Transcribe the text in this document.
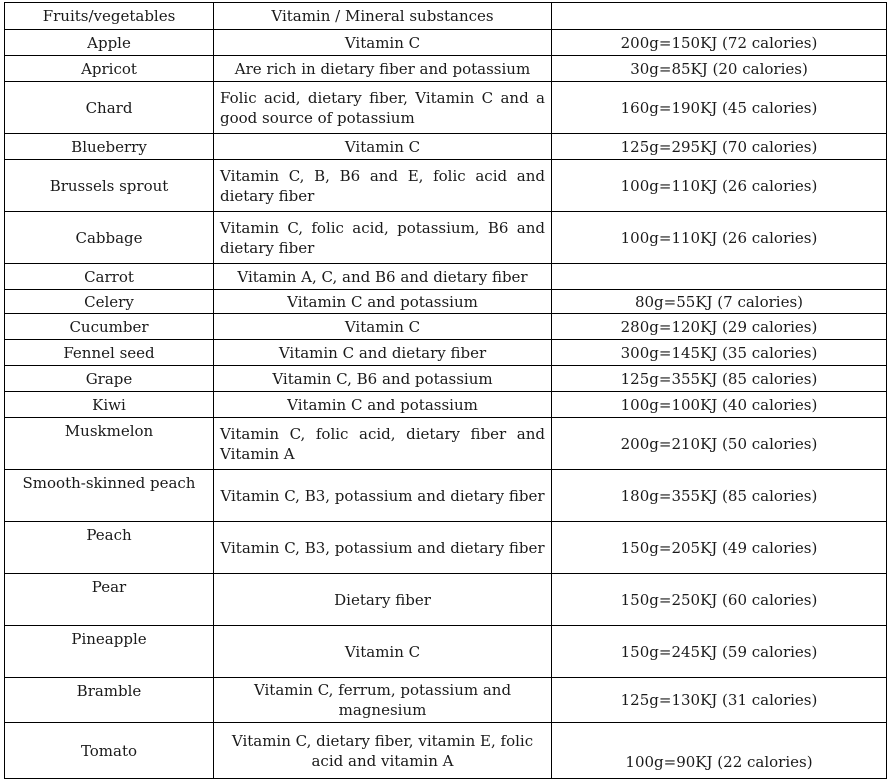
Fruits/vegetables	Vitamin / Mineral substances	
Apple	Vitamin C	200g=150KJ (72 calories)
Apricot	Are rich in dietary fiber and potassium	30g=85KJ (20 calories)
Chard	Folic acid, dietary fiber, Vitamin C and a good source of potassium	160g=190KJ (45 calories)
Blueberry	Vitamin C	125g=295KJ (70 calories)
Brussels sprout	Vitamin C, B, B6 and E, folic acid and dietary fiber	100g=110KJ (26 calories)
Cabbage	Vitamin C, folic acid, potassium, B6 and dietary fiber	100g=110KJ (26 calories)
Carrot	Vitamin A, C, and B6 and dietary fiber	
Celery	Vitamin C and potassium	80g=55KJ (7 calories)
Cucumber	Vitamin C	280g=120KJ (29 calories)
Fennel seed	Vitamin C and dietary fiber	300g=145KJ (35 calories)
Grape	Vitamin C, B6 and potassium	125g=355KJ (85 calories)
Kiwi	Vitamin C and potassium	100g=100KJ (40 calories)
Muskmelon	Vitamin C, folic acid, dietary fiber and Vitamin A	200g=210KJ (50 calories)
Smooth-skinned peach	Vitamin C, B3, potassium and dietary fiber	180g=355KJ (85 calories)
Peach	Vitamin C, B3, potassium and dietary fiber	150g=205KJ (49 calories)
Pear	Dietary fiber	150g=250KJ (60 calories)
Pineapple	Vitamin C	150g=245KJ (59 calories)
Bramble	Vitamin C, ferrum, potassium and magnesium	125g=130KJ (31 calories)
Tomato	Vitamin C, dietary fiber, vitamin E, folic acid and vitamin A	100g=90KJ (22 calories)
